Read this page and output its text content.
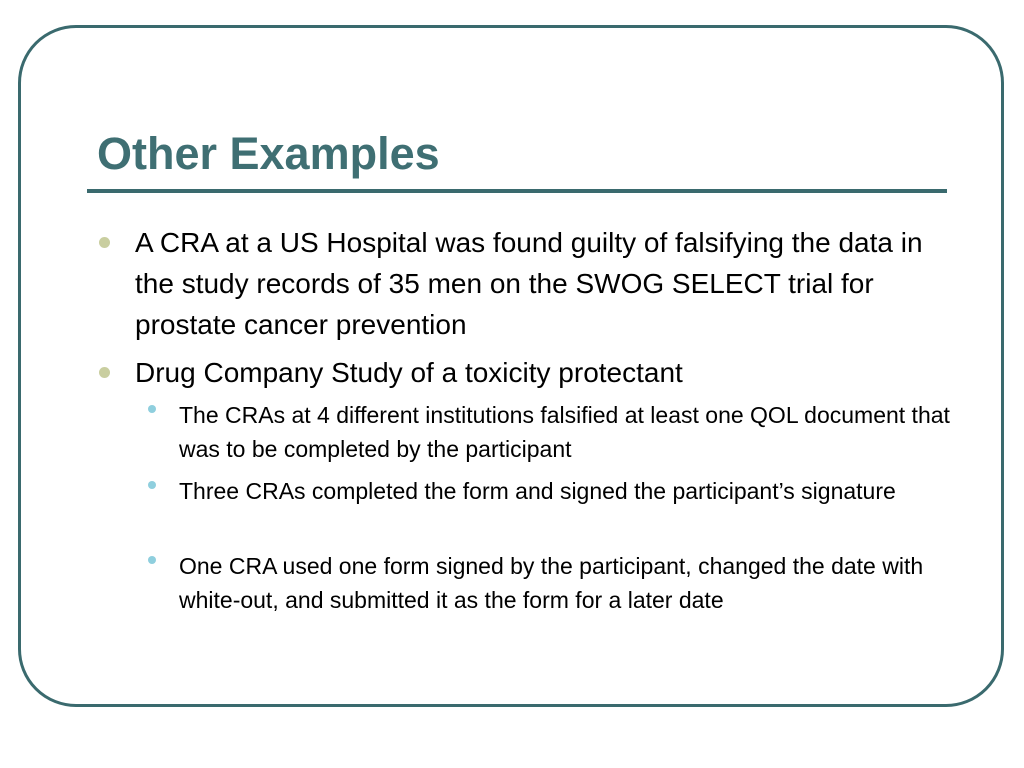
Other Examples
A CRA at a US Hospital was found guilty of falsifying the data in the study records of 35 men on the SWOG SELECT trial for prostate cancer prevention
Drug Company Study of a toxicity protectant
The CRAs at 4 different institutions falsified at least one QOL document that was to be completed by the participant
Three CRAs completed the form and signed the participant’s signature
One CRA used one form signed by the participant, changed the date with white-out, and submitted it as the form for a later date
